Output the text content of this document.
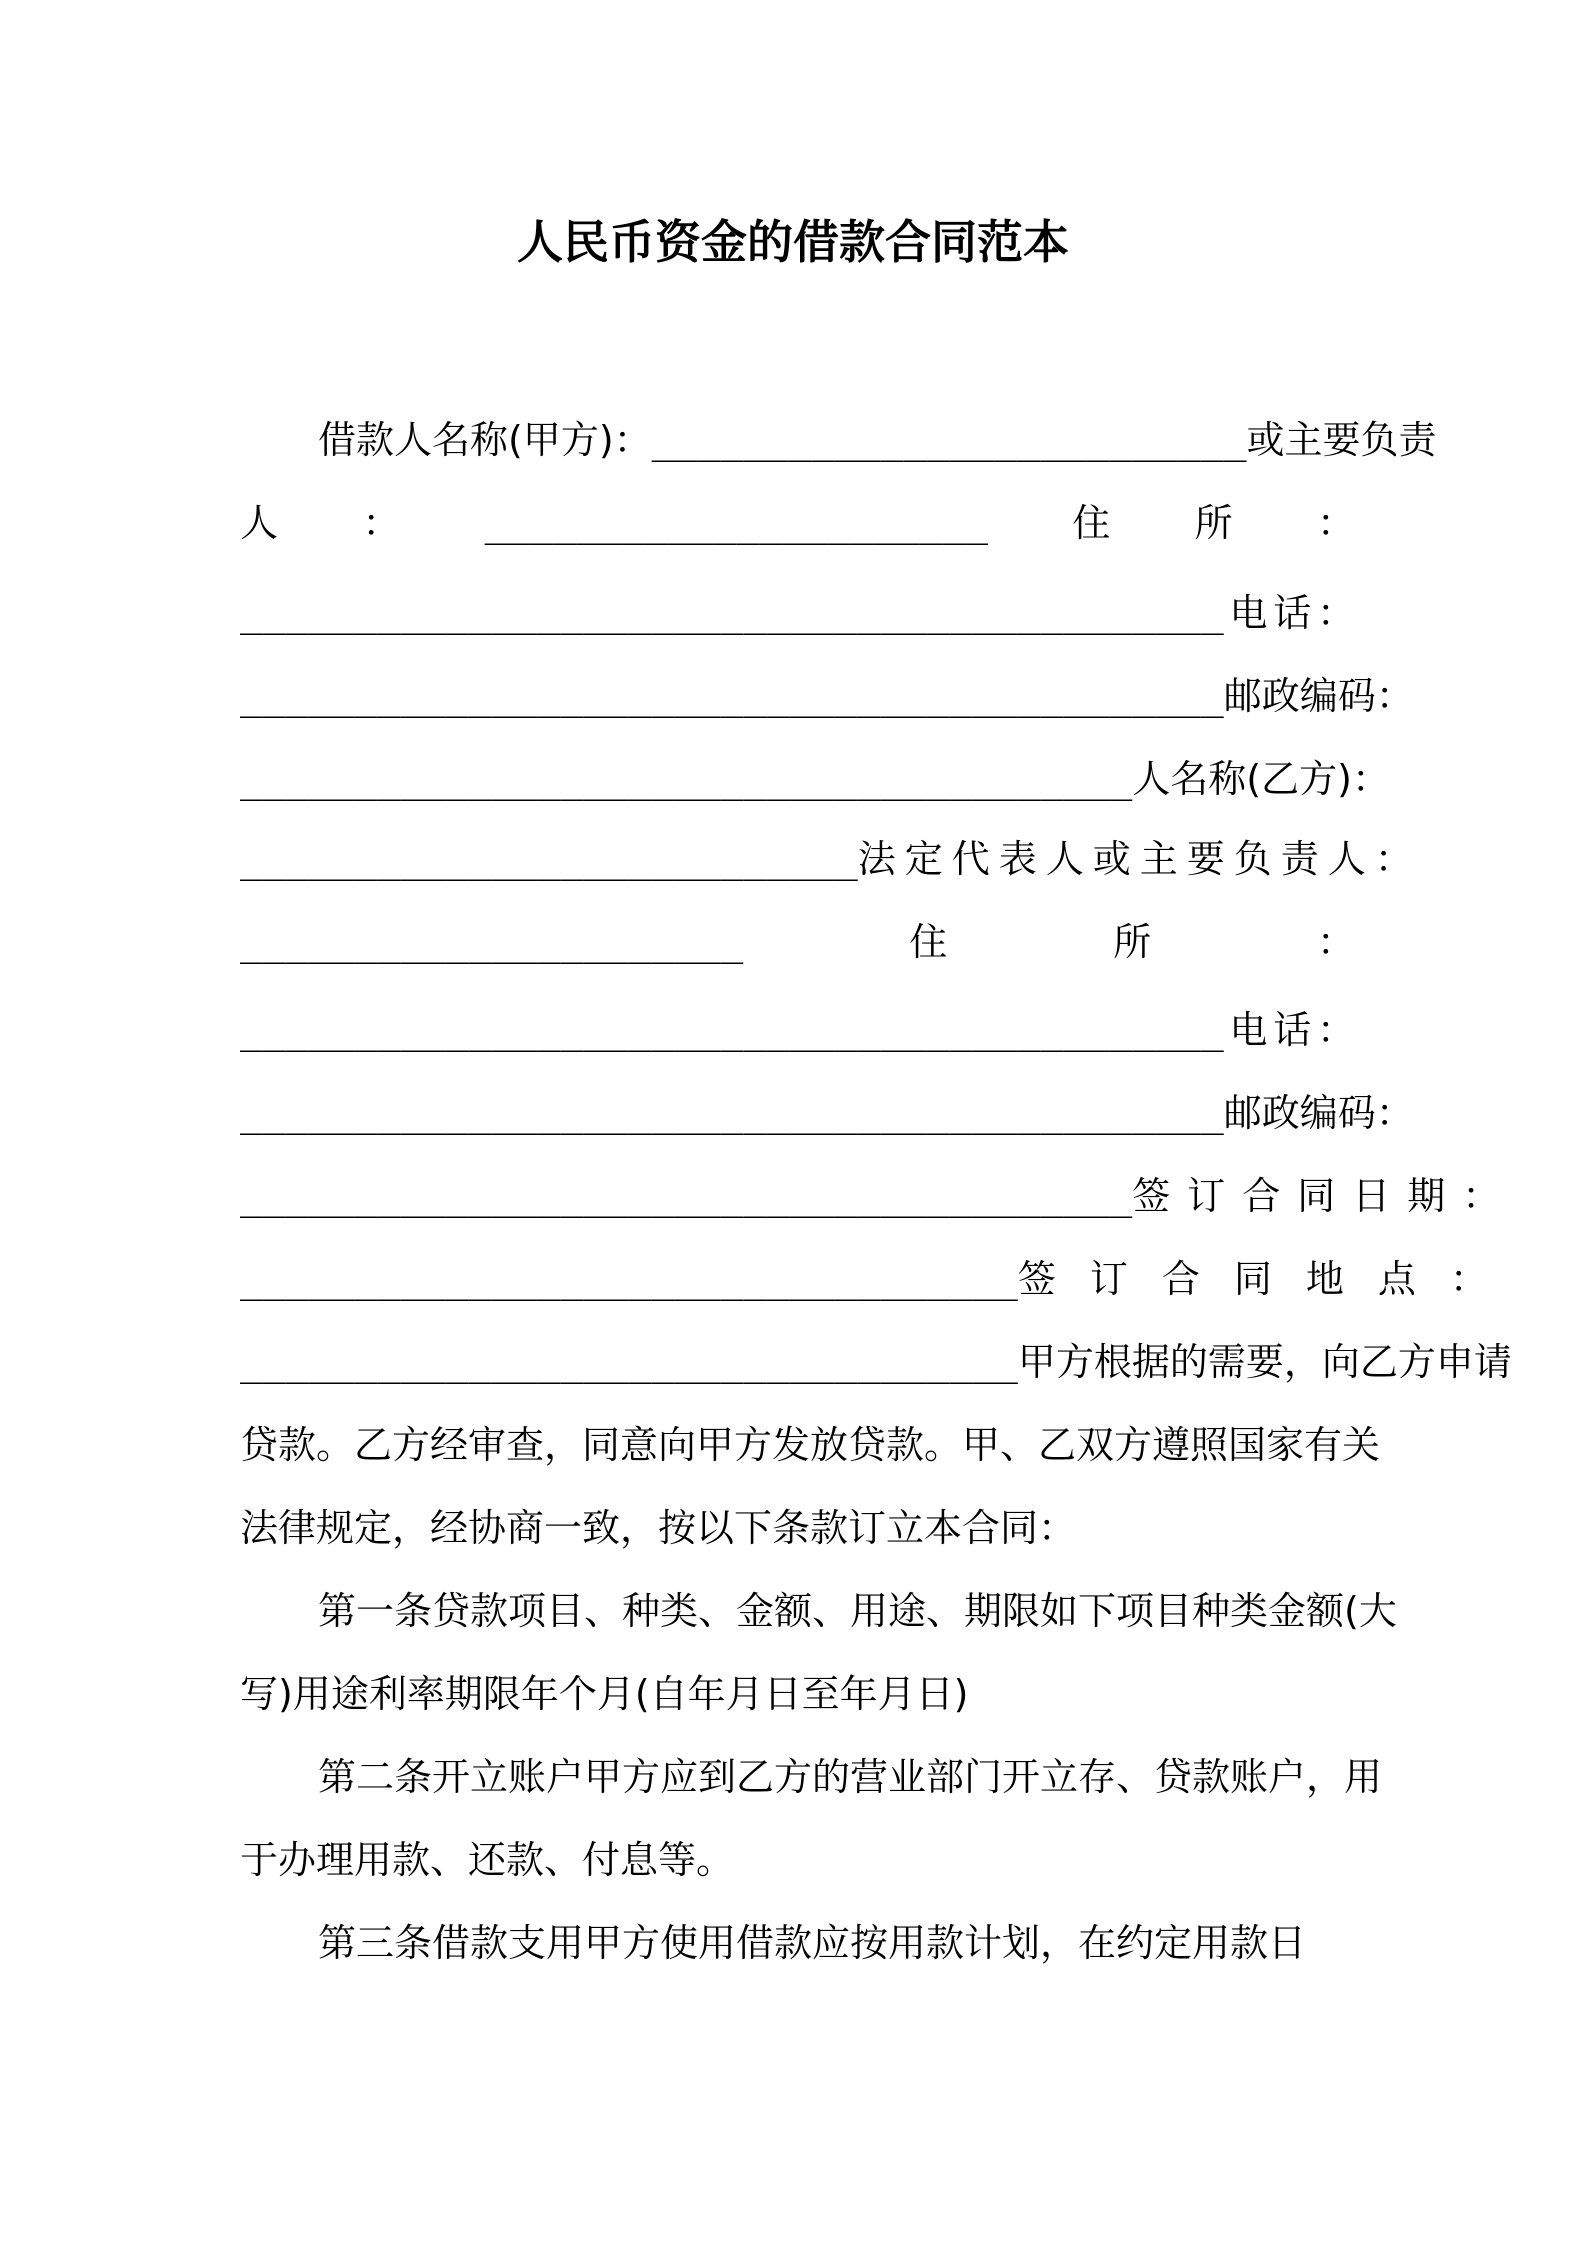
人民币资金的借款合同范本
借款人名称(甲方)： __________________________ 或主要负责
人 ： ______________________ 住 所 ：
___________________________________________ 电 话 ：
___________________________________________ 邮 政 编 码 ：
_______________________________________ 人 名 称 (乙 方 )：
___________________________ 法定代表人或主要负责人：
______________________	住	所	：
___________________________________________ 电 话 ：
___________________________________________ 邮 政 编 码 ：
_______________________________________ 签订合同日期：
__________________________________ 签订合同地点：
__________________________________ 甲方根据的需要，向乙方申请
贷款。乙方经审查，同意向甲方发放贷款。甲、乙双方遵照国家有关
法律规定，经协商一致，按以下条款订立本合同：
第一条贷款项目、种类、金额、用途、期限如下项目种类金额(大
写)用途利率期限年个月(自年月日至年月日)
第二条开立账户甲方应到乙方的营业部门开立存、贷款账户，用
于办理用款、还款、付息等。
第三条借款支用甲方使用借款应按用款计划，在约定用款日
